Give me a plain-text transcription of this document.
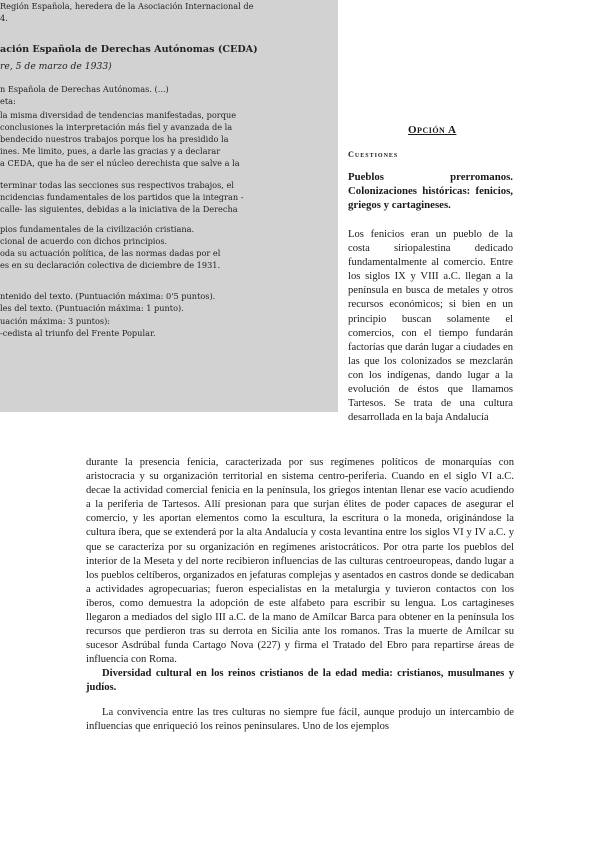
Región Española, heredera de la Asociación Internacional de
4.
ación Española de Derechas Autónomas (CEDA)
re, 5 de marzo de 1933)
n Española de Derechas Autónomas. (...)
eta:
la misma diversidad de tendencias manifestadas, porque
conclusiones la interpretación más fiel y avanzada de la
bendecido nuestros trabajos porque los ha presidido la
ines. Me limito, pues, a darle las gracias y a declarar
a CEDA, que ha de ser el núcleo derechista que salve a la
terminar todas las secciones sus respectivos trabajos, el
ncidencias fundamentales de los partidos que la integran -
calle- las siguientes, debidas a la iniciativa de la Derecha
pios fundamentales de la civilización cristiana.
cional de acuerdo con dichos principios.
oda su actuación política, de las normas dadas por el
es en su declaración colectiva de diciembre de 1931.
ntenido del texto. (Puntuación máxima: 0'5 puntos).
les del texto. (Puntuación máxima: 1 punto).
uación máxima: 3 puntos):
-cedista al triunfo del Frente Popular.
Opción A
Cuestiones
Pueblos prerromanos. Colonizaciones históricas: fenicios, griegos y cartagineses.

Los fenicios eran un pueblo de la costa siriopalestina dedicado fundamentalmente al comercio. Entre los siglos IX y VIII a.C. llegan a la península en busca de metales y otros recursos económicos; si bien en un principio buscan solamente el comercios, con el tiempo fundarán factorías que darán lugar a ciudades en las que los colonizados se mezclarán con los indígenas, dando lugar a la evolución de éstos que llamamos Tartesos. Se trata de una cultura desarrollada en la baja Andalucía

durante la presencia fenicia, caracterizada por sus regímenes políticos de monarquías con aristocracia y su organización territorial en sistema centro-periferia. Cuando en el siglo VI a.C. decae la actividad comercial fenicia en la península, los griegos intentan llenar ese vacío acudiendo a la periferia de Tartesos. Allí presionan para que surjan élites de poder capaces de asegurar el comercio, y les aportan elementos como la escultura, la escritura o la moneda, originándose la cultura íbera, que se extenderá por la alta Andalucía y costa levantina entre los siglos VI y IV a.C. y que se caracteriza por su organización en regímenes aristocráticos. Por otra parte los pueblos del interior de la Meseta y del norte recibieron influencias de las culturas centroeuropeas, dando lugar a los pueblos celtíberos, organizados en jefaturas complejas y asentados en castros donde se dedicaban a actividades agropecuarias; fueron especialistas en la metalurgia y tuvieron contactos con los íberos, como demuestra la adopción de este alfabeto para escribir su lengua. Los cartagineses llegaron a mediados del siglo III a.C. de la mano de Amílcar Barca para obtener en la península los recursos que perdieron tras su derrota en Sicilia ante los romanos. Tras la muerte de Amílcar su sucesor Asdrúbal funda Cartago Nova (227) y firma el Tratado del Ebro para repartirse áreas de influencia con Roma.

Diversidad cultural en los reinos cristianos de la edad media: cristianos, musulmanes y judíos.

La convivencia entre las tres culturas no siempre fue fácil, aunque produjo un intercambio de influencias que enriqueció los reinos peninsulares. Uno de los ejemplos
